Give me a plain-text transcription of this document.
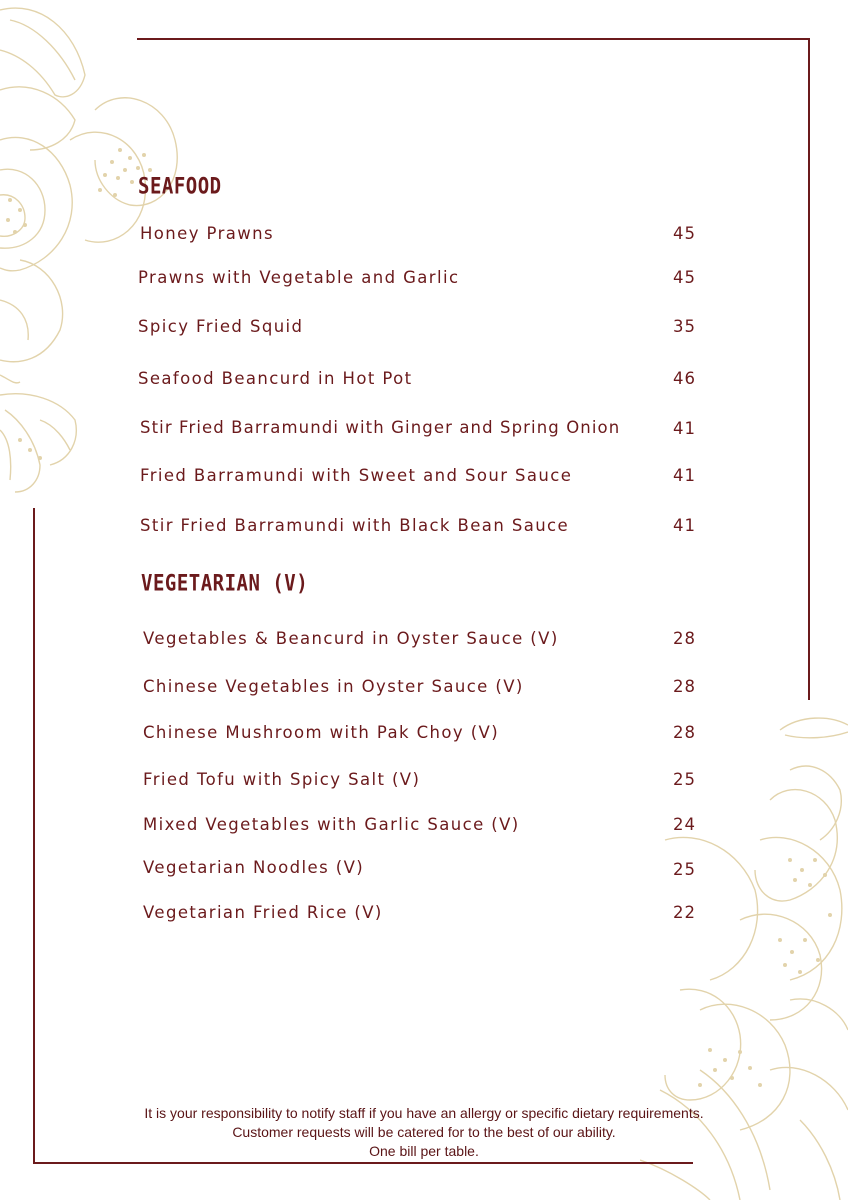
SEAFOOD
Honey Prawns	45
Prawns with Vegetable and Garlic	45
Spicy Fried Squid	35
Seafood Beancurd in Hot Pot	46
Stir Fried Barramundi with Ginger and Spring Onion	41
Fried Barramundi with Sweet and Sour Sauce	41
Stir Fried Barramundi with Black Bean Sauce	41
VEGETARIAN (V)
Vegetables & Beancurd in Oyster Sauce (V)	28
Chinese Vegetables in Oyster Sauce (V)	28
Chinese Mushroom with Pak Choy (V)	28
Fried Tofu with Spicy Salt (V)	25
Mixed Vegetables with Garlic Sauce (V)	24
Vegetarian Noodles (V)	25
Vegetarian Fried Rice (V)	22
It is your responsibility to notify staff if you have an allergy or specific dietary requirements.
Customer requests will be catered for to the best of our ability.
One bill per table.
